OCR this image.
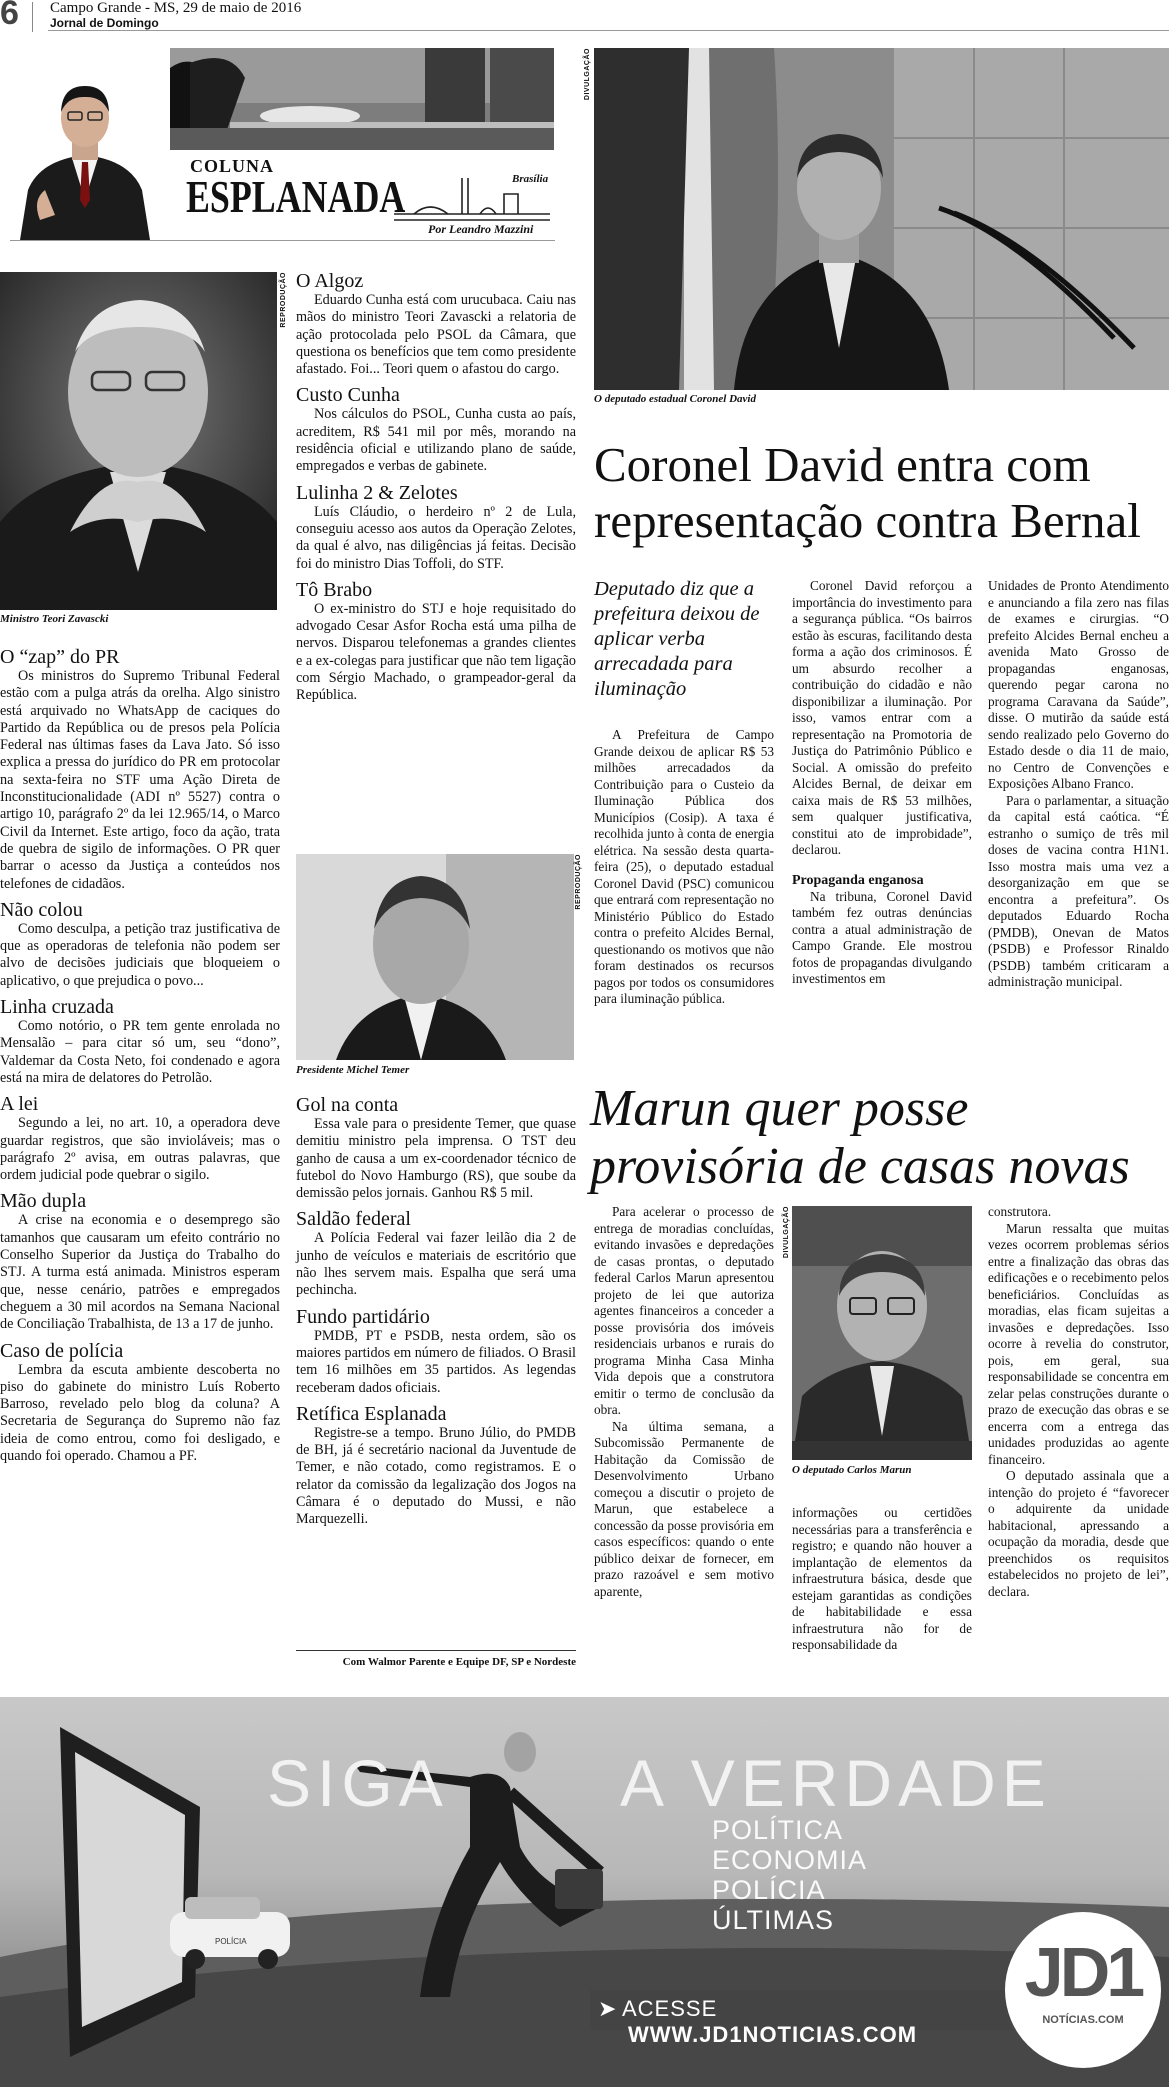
6 Campo Grande - MS, 29 de maio de 2016
Jornal de Domingo
COLUNA
ESPLANADA	Brasília
Por Leandro Mazzini
REPRODUÇÃO
Ministro Teori Zavascki
O “zap” do PR

Os ministros do Supremo Tribunal Federal estão com a pulga atrás da orelha. Algo sinistro está arquivado no WhatsApp de caciques do Partido da República ou de presos pela Polícia Federal nas últimas fases da Lava Jato. Só isso explica a pressa do jurídico do PR em protocolar na sexta-feira no STF uma Ação Direta de Inconstitucionalidade (ADI nº 5527) contra o artigo 10, parágrafo 2º da lei 12.965/14, o Marco Civil da Internet. Este artigo, foco da ação, trata de quebra de sigilo de informações. O PR quer barrar o acesso da Justiça a conteúdos nos telefones de cidadãos.

Não colou

Como desculpa, a petição traz justificativa de que as operadoras de telefonia não podem ser alvo de decisões judiciais que bloqueiem o aplicativo, o que prejudica o povo...

Linha cruzada

Como notório, o PR tem gente enrolada no Mensalão – para citar só um, seu “dono”, Valdemar da Costa Neto, foi condenado e agora está na mira de delatores do Petrolão.

A lei

Segundo a lei, no art. 10, a operadora deve guardar registros, que são invioláveis; mas o parágrafo 2º avisa, em outras palavras, que ordem judicial pode quebrar o sigilo.

Mão dupla

A crise na economia e o desemprego são tamanhos que causaram um efeito contrário no Conselho Superior da Justiça do Trabalho do STJ. A turma está animada. Ministros esperam que, nesse cenário, patrões e empregados cheguem a 30 mil acordos na Semana Nacional de Conciliação Trabalhista, de 13 a 17 de junho.

Caso de polícia

Lembra da escuta ambiente descoberta no piso do gabinete do ministro Luís Roberto Barroso, revelado pelo blog da coluna? A Secretaria de Segurança do Supremo não faz ideia de como entrou, como foi desligado, e quando foi operado. Chamou a PF.

O Algoz

Eduardo Cunha está com urucubaca. Caiu nas mãos do ministro Teori Zavascki a relatoria de ação protocolada pelo PSOL da Câmara, que questiona os benefícios que tem como presidente afastado. Foi... Teori quem o afastou do cargo.

Custo Cunha

Nos cálculos do PSOL, Cunha custa ao país, acreditem, R$ 541 mil por mês, morando na residência oficial e utilizando plano de saúde, empregados e verbas de gabinete.

Lulinha 2 & Zelotes

Luís Cláudio, o herdeiro nº 2 de Lula, conseguiu acesso aos autos da Operação Zelotes, da qual é alvo, nas diligências já feitas. Decisão foi do ministro Dias Toffoli, do STF.

Tô Brabo

O ex-ministro do STJ e hoje requisitado do advogado Cesar Asfor Rocha está uma pilha de nervos. Disparou telefonemas a grandes clientes e a ex-colegas para justificar que não tem ligação com Sérgio Machado, o grampeador-geral da República.

REPRODUÇÃO
Presidente Michel Temer
Gol na conta

Essa vale para o presidente Temer, que quase demitiu ministro pela imprensa. O TST deu ganho de causa a um ex-coordenador técnico de futebol do Novo Hamburgo (RS), que soube da demissão pelos jornais. Ganhou R$ 5 mil.

Saldão federal

A Polícia Federal vai fazer leilão dia 2 de junho de veículos e materiais de escritório que não lhes servem mais. Espalha que será uma pechincha.

Fundo partidário

PMDB, PT e PSDB, nesta ordem, são os maiores partidos em número de filiados. O Brasil tem 16 milhões em 35 partidos. As legendas receberam dados oficiais.

Retífica Esplanada

Registre-se a tempo. Bruno Júlio, do PMDB de BH, já é secretário nacional da Juventude de Temer, e não cotado, como registramos. E o relator da comissão da legalização dos Jogos na Câmara é o deputado do Mussi, e não Marquezelli.

Com Walmor Parente e Equipe DF, SP e Nordeste
DIVULGAÇÃO
O deputado estadual Coronel David
Coronel David entra com representação contra Bernal
Deputado diz que a prefeitura deixou de aplicar verba arrecadada para iluminação

A Prefeitura de Campo Grande deixou de aplicar R$ 53 milhões arrecadados da Contribuição para o Custeio da Iluminação Pública dos Municípios (Cosip). A taxa é recolhida junto à conta de energia elétrica. Na sessão desta quarta-feira (25), o deputado estadual Coronel David (PSC) comunicou que entrará com representação no Ministério Público do Estado contra o prefeito Alcides Bernal, questionando os motivos que não foram destinados os recursos pagos por todos os consumidores para iluminação pública.

Coronel David reforçou a importância do investimento para a segurança pública. “Os bairros estão às escuras, facilitando desta forma a ação dos criminosos. É um absurdo recolher a contribuição do cidadão e não disponibilizar a iluminação. Por isso, vamos entrar com a representação na Promotoria de Justiça do Patrimônio Público e Social. A omissão do prefeito Alcides Bernal, de deixar em caixa mais de R$ 53 milhões, sem qualquer justificativa, constitui ato de improbidade”, declarou.

Propaganda enganosa

Na tribuna, Coronel David também fez outras denúncias contra a atual administração de Campo Grande. Ele mostrou fotos de propagandas divulgando investimentos em

Unidades de Pronto Atendimento e anunciando a fila zero nas filas de exames e cirurgias. “O prefeito Alcides Bernal encheu a avenida Mato Grosso de propagandas enganosas, querendo pegar carona no programa Caravana da Saúde”, disse. O mutirão da saúde está sendo realizado pelo Governo do Estado desde o dia 11 de maio, no Centro de Convenções e Exposições Albano Franco.

Para o parlamentar, a situação da capital está caótica. “É estranho o sumiço de três mil doses de vacina contra H1N1. Isso mostra mais uma vez a desorganização em que se encontra a prefeitura”. Os deputados Eduardo Rocha (PMDB), Onevan de Matos (PSDB) e Professor Rinaldo (PSDB) também criticaram a administração municipal.

Marun quer posse provisória de casas novas

Para acelerar o processo de entrega de moradias concluídas, evitando invasões e depredações de casas prontas, o deputado federal Carlos Marun apresentou projeto de lei que autoriza agentes financeiros a conceder a posse provisória dos imóveis residenciais urbanos e rurais do programa Minha Casa Minha Vida depois que a construtora emitir o termo de conclusão da obra.

Na última semana, a Subcomissão Permanente de Habitação da Comissão de Desenvolvimento Urbano começou a discutir o projeto de Marun, que estabelece a concessão da posse provisória em casos específicos: quando o ente público deixar de fornecer, em prazo razoável e sem motivo aparente,

DIVULGAÇÃO
O deputado Carlos Marun

informações ou certidões necessárias para a transferência e registro; e quando não houver a implantação de elementos da infraestrutura básica, desde que estejam garantidas as condições de habitabilidade e essa infraestrutura não for de responsabilidade da

construtora.

Marun ressalta que muitas vezes ocorrem problemas sérios entre a finalização das obras das edificações e o recebimento pelos beneficiários. Concluídas as moradias, elas ficam sujeitas a invasões e depredações. Isso ocorre à revelia do construtor, pois, em geral, sua responsabilidade se concentra em zelar pelas construções durante o prazo de execução das obras e se encerra com a entrega das unidades produzidas ao agente financeiro.

O deputado assinala que a intenção do projeto é “favorecer o adquirente da unidade habitacional, apressando a ocupação da moradia, desde que preenchidos os requisitos estabelecidos no projeto de lei”, declara.

SIGA	A VERDADE
POLÍTICA
ECONOMIA
POLÍCIA
ÚLTIMAS
POLÍCIA
➤ ACESSE WWW.JD1NOTICIAS.COM
JD1
NOTÍCIAS.COM
